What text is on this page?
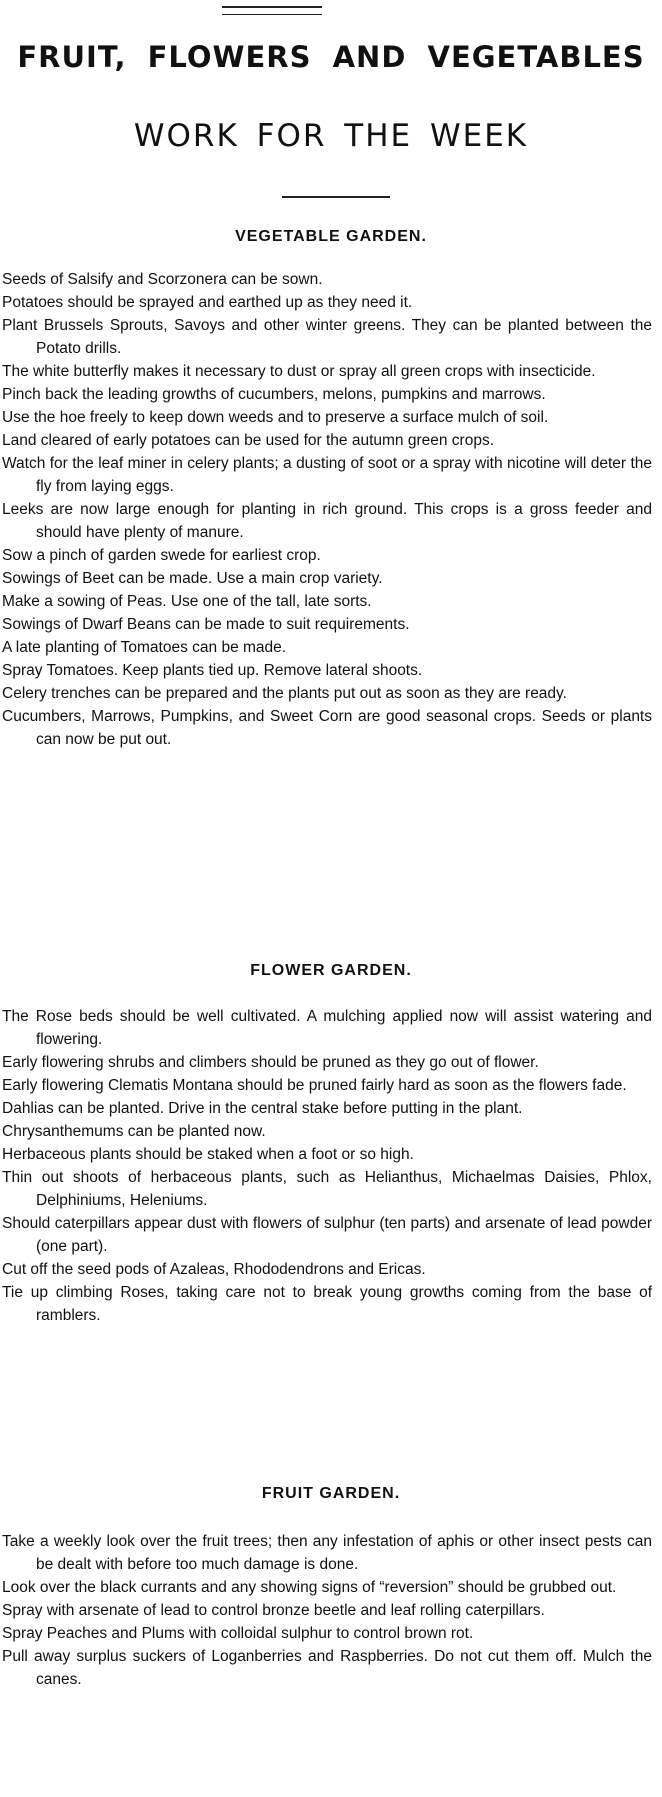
FRUIT, FLOWERS AND VEGETABLES
WORK FOR THE WEEK
VEGETABLE GARDEN.
Seeds of Salsify and Scorzonera can be sown.
Potatoes should be sprayed and earthed up as they need it.
Plant Brussels Sprouts, Savoys and other winter greens. They can be planted between the Potato drills.
The white butterfly makes it necessary to dust or spray all green crops with insecticide.
Pinch back the leading growths of cucumbers, melons, pumpkins and marrows.
Use the hoe freely to keep down weeds and to preserve a surface mulch of soil.
Land cleared of early potatoes can be used for the autumn green crops.
Watch for the leaf miner in celery plants; a dusting of soot or a spray with nicotine will deter the fly from laying eggs.
Leeks are now large enough for planting in rich ground. This crops is a gross feeder and should have plenty of manure.
Sow a pinch of garden swede for earliest crop.
Sowings of Beet can be made. Use a main crop variety.
Make a sowing of Peas. Use one of the tall, late sorts.
Sowings of Dwarf Beans can be made to suit requirements.
A late planting of Tomatoes can be made.
Spray Tomatoes. Keep plants tied up. Remove lateral shoots.
Celery trenches can be prepared and the plants put out as soon as they are ready.
Cucumbers, Marrows, Pumpkins, and Sweet Corn are good seasonal crops. Seeds or plants can now be put out.
FLOWER GARDEN.
The Rose beds should be well cultivated. A mulching applied now will assist watering and flowering.
Early flowering shrubs and climbers should be pruned as they go out of flower.
Early flowering Clematis Montana should be pruned fairly hard as soon as the flowers fade.
Dahlias can be planted. Drive in the central stake before putting in the plant.
Chrysanthemums can be planted now.
Herbaceous plants should be staked when a foot or so high.
Thin out shoots of herbaceous plants, such as Helianthus, Michaelmas Daisies, Phlox, Delphiniums, Heleniums.
Should caterpillars appear dust with flowers of sulphur (ten parts) and arsenate of lead powder (one part).
Cut off the seed pods of Azaleas, Rhododendrons and Ericas.
Tie up climbing Roses, taking care not to break young growths coming from the base of ramblers.
FRUIT GARDEN.
Take a weekly look over the fruit trees; then any infestation of aphis or other insect pests can be dealt with before too much damage is done.
Look over the black currants and any showing signs of “reversion” should be grubbed out.
Spray with arsenate of lead to control bronze beetle and leaf rolling caterpillars.
Spray Peaches and Plums with colloidal sulphur to control brown rot.
Pull away surplus suckers of Loganberries and Raspberries. Do not cut them off. Mulch the canes.
